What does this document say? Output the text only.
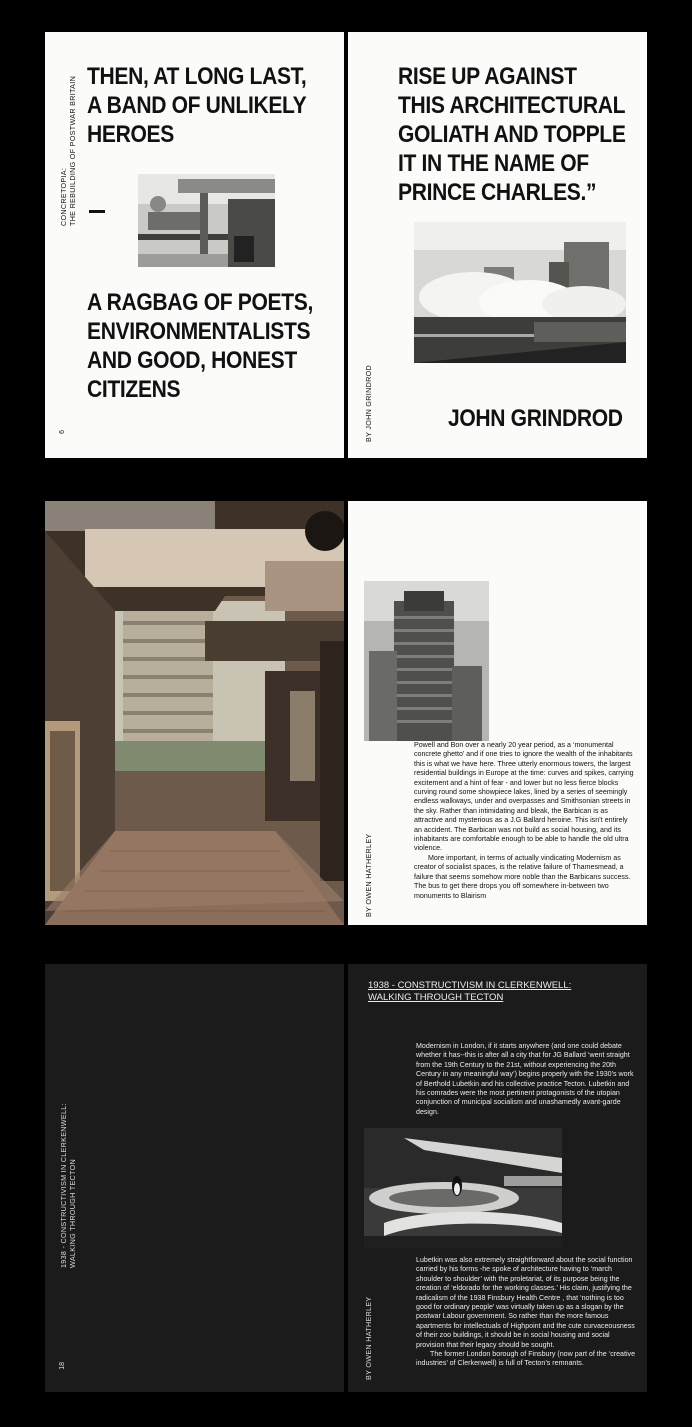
CONCRETOPIA: THE REBUILDING OF POSTWAR BRITAIN THEN, AT LONG LAST,
A BAND OF UNLIKELY
HEROES
A RAGBAG OF POETS,
ENVIRONMENTALISTS
AND GOOD, HONEST
CITIZENS
6
RISE UP AGAINST
THIS ARCHITECTURAL
GOLIATH AND TOPPLE
IT IN THE NAME OF
PRINCE CHARLES.”
JOHN GRINDROD
BY JOHN GRINDROD

Powell and Bon over a nearly 20 year period, as a ‘monumental concrete ghetto’ and if one tries to ignore the wealth of the inhabitants this is what we have here. Three utterly enormous towers, the largest residential buildings in Europe at the time: curves and spikes, carrying excitement and a hint of fear - and lower but no less fierce blocks curving round some showpiece lakes, lined by a series of seemingly endless walkways, under and overpasses and Smithsonian streets in the sky. Rather than intimidating and bleak, the Barbican is as attractive and mysterious as a J.G Ballard heroine. This isn’t entirely an accident. The Barbican was not build as social housing, and its inhabitants are comfortable enough to be able to handle the old ultra violence.

More important, in terms of actually vindicating Modernism as creator of socialist spaces, is the relative failure of Thamesmead, a failure that seems somehow more noble than the Barbicans success. The bus to get there drops you off somewhere in-between two monuments to Blairism

BY OWEN HATHERLEY
1938 - CONSTRUCTIVISM IN CLERKENWELL: WALKING THROUGH TECTON
18
1938 - CONSTRUCTIVISM IN CLERKENWELL:
WALKING THROUGH TECTON

Modernism in London, if it starts anywhere (and one could debate whether it has--this is after all a city that for JG Ballard ‘went straight from the 19th Century to the 21st, without experiencing the 20th Century in any meaningful way’) begins properly with the 1930’s work of Berthold Lubetkin and his collective practice Tecton. Lubetkin and his comrades were the most pertinent protagonists of the utopian conjunction of municipal socialism and unashamedly avant-garde design.

Lubetkin was also extremely straightforward about the social function carried by his forms -he spoke of architecture having to ‘march shoulder to shoulder’ with the proletariat, of its purpose being the creation of ‘eldorado for the working classes.’ His claim, justifying the radicalism of the 1938 Finsbury Health Centre , that ‘nothing is too good for ordinary people’ was virtually taken up as a slogan by the postwar Labour government. So rather than the more famous apartments for intellectuals of Highpoint and the cute curvaceousness of their zoo buildings, it should be in social housing and social provision that their legacy should be sought.

The former London borough of Finsbury (now part of the ‘creative industries’ of Clerkenwell) is full of Tecton’s remnants.

BY OWEN HATHERLEY
